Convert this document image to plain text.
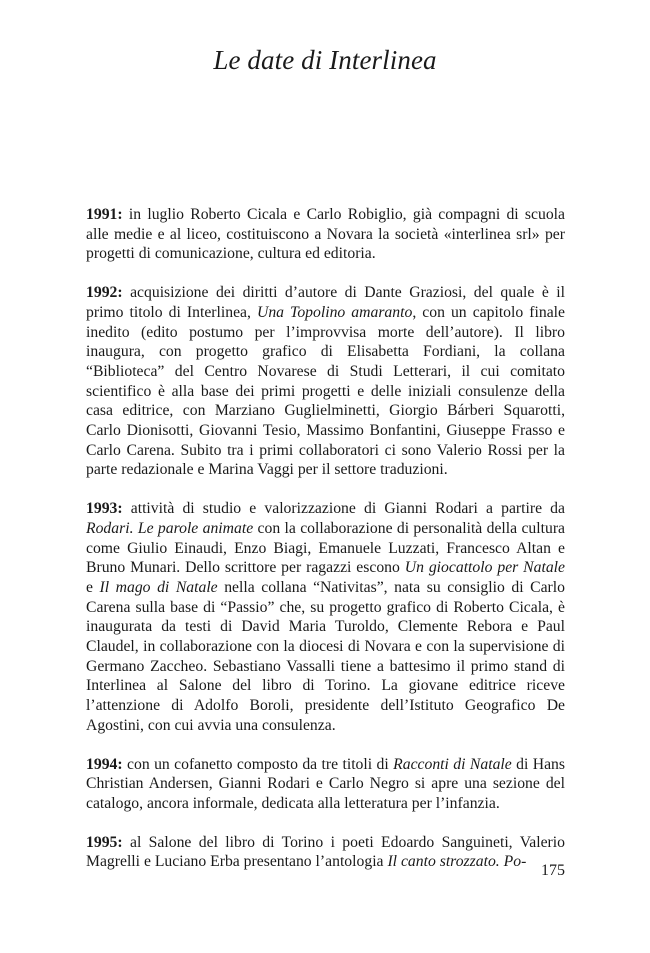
Le date di Interlinea

1991: in luglio Roberto Cicala e Carlo Robiglio, già compagni di scuola alle medie e al liceo, costituiscono a Novara la società «interlinea srl» per progetti di comunicazione, cultura ed editoria.

1992: acquisizione dei diritti d’autore di Dante Graziosi, del quale è il primo titolo di Interlinea, Una Topolino amaranto, con un capitolo finale inedito (edito postumo per l’improvvisa morte dell’autore). Il libro inaugura, con progetto grafico di Elisabetta Fordiani, la collana “Biblioteca” del Centro Novarese di Studi Letterari, il cui comitato scientifico è alla base dei primi progetti e delle iniziali consulenze della casa editrice, con Marziano Guglielminetti, Giorgio Bárberi Squarotti, Carlo Dionisotti, Giovanni Tesio, Massimo Bonfantini, Giuseppe Frasso e Carlo Carena. Subito tra i primi collaboratori ci sono Valerio Rossi per la parte redazionale e Marina Vaggi per il settore traduzioni.

1993: attività di studio e valorizzazione di Gianni Rodari a partire da Rodari. Le parole animate con la collaborazione di personalità della cultura come Giulio Einaudi, Enzo Biagi, Emanuele Luzzati, Francesco Altan e Bruno Munari. Dello scrittore per ragazzi escono Un giocattolo per Natale e Il mago di Natale nella collana “Nativitas”, nata su consiglio di Carlo Carena sulla base di “Passio” che, su progetto grafico di Roberto Cicala, è inaugurata da testi di David Maria Turoldo, Clemente Rebora e Paul Claudel, in collaborazione con la diocesi di Novara e con la supervisione di Germano Zaccheo. Sebastiano Vassalli tiene a battesimo il primo stand di Interlinea al Salone del libro di Torino. La giovane editrice riceve l’attenzione di Adolfo Boroli, presidente dell’Istituto Geografico De Agostini, con cui avvia una consulenza.

1994: con un cofanetto composto da tre titoli di Racconti di Natale di Hans Christian Andersen, Gianni Rodari e Carlo Negro si apre una sezione del catalogo, ancora informale, dedicata alla letteratura per l’infanzia.

1995: al Salone del libro di Torino i poeti Edoardo Sanguineti, Valerio Magrelli e Luciano Erba presentano l’antologia Il canto strozzato. Po-

175
